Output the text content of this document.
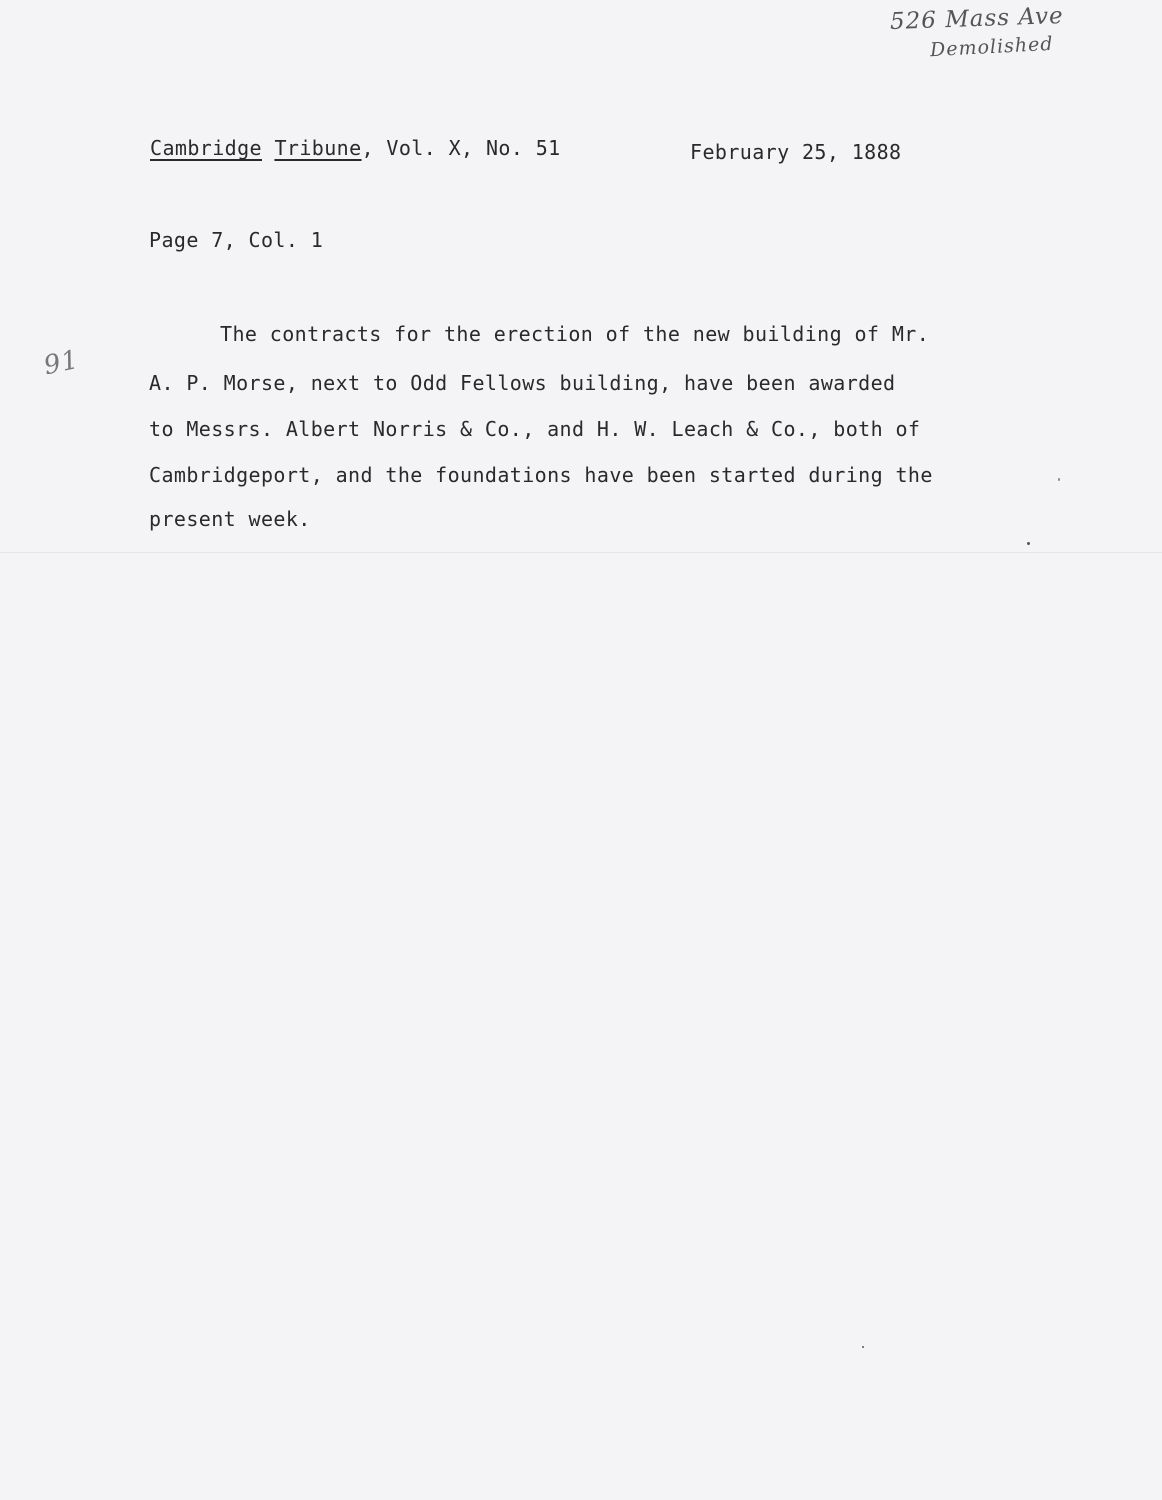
526 Mass Ave
Demolished
91
Cambridge Tribune, Vol. X, No. 51	February 25, 1888
Page 7, Col. 1
The contracts for the erection of the new building of Mr.
A. P. Morse, next to Odd Fellows building, have been awarded
to Messrs. Albert Norris & Co., and H. W. Leach & Co., both of
Cambridgeport, and the foundations have been started during the
present week.
